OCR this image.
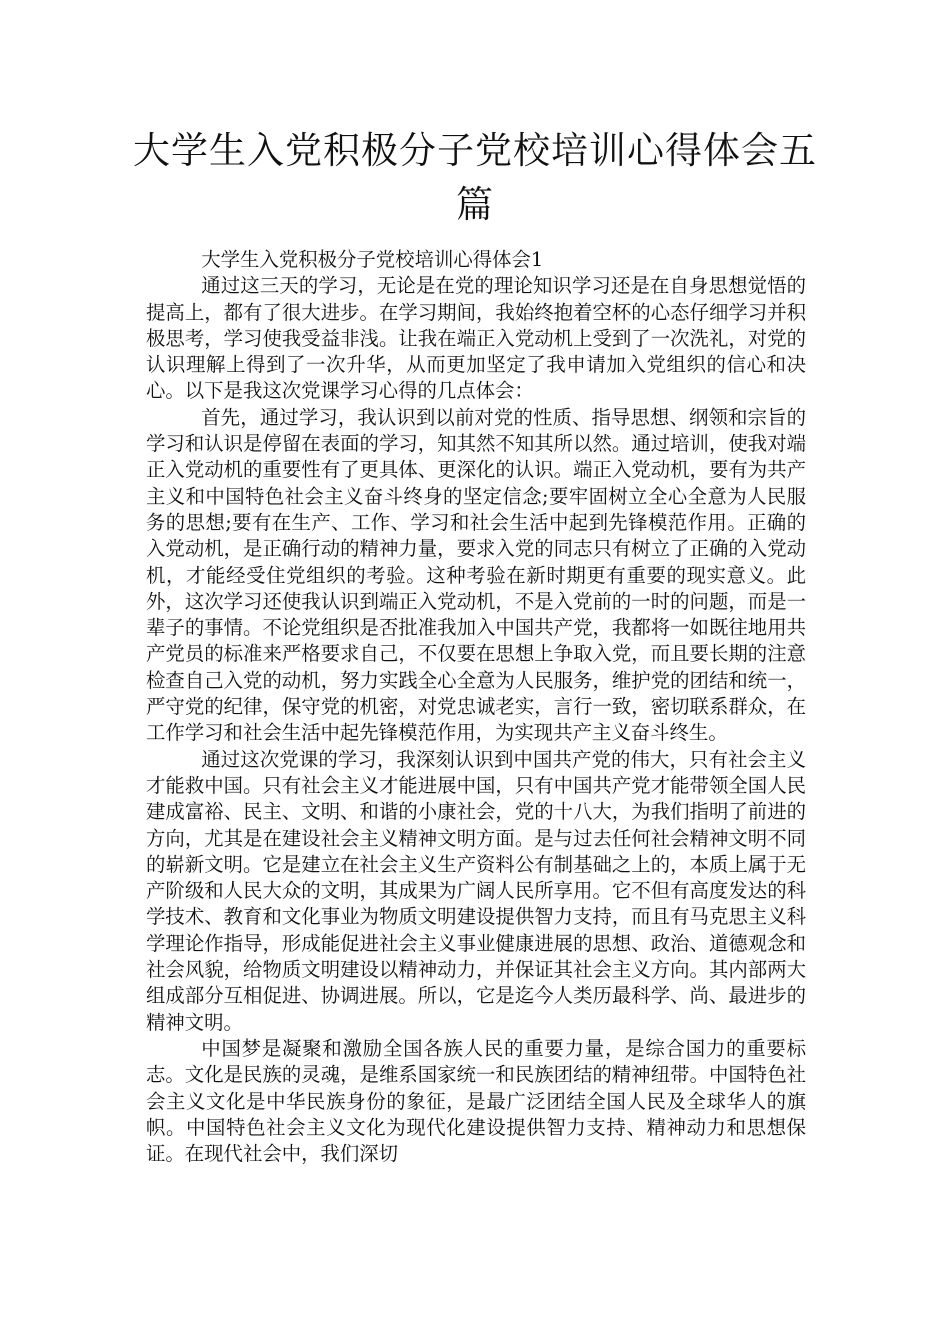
大学生入党积极分子党校培训心得体会五篇

大学生入党积极分子党校培训心得体会1

通过这三天的学习，无论是在党的理论知识学习还是在自身思想觉悟的提高上，都有了很大进步。在学习期间，我始终抱着空杯的心态仔细学习并积极思考，学习使我受益非浅。让我在端正入党动机上受到了一次洗礼，对党的认识理解上得到了一次升华，从而更加坚定了我申请加入党组织的信心和决心。以下是我这次党课学习心得的几点体会：

首先，通过学习，我认识到以前对党的性质、指导思想、纲领和宗旨的学习和认识是停留在表面的学习，知其然不知其所以然。通过培训，使我对端正入党动机的重要性有了更具体、更深化的认识。端正入党动机，要有为共产主义和中国特色社会主义奋斗终身的坚定信念;要牢固树立全心全意为人民服务的思想;要有在生产、工作、学习和社会生活中起到先锋模范作用。正确的入党动机，是正确行动的精神力量，要求入党的同志只有树立了正确的入党动机，才能经受住党组织的考验。这种考验在新时期更有重要的现实意义。此外，这次学习还使我认识到端正入党动机，不是入党前的一时的问题，而是一辈子的事情。不论党组织是否批准我加入中国共产党，我都将一如既往地用共产党员的标准来严格要求自己，不仅要在思想上争取入党，而且要长期的注意检查自己入党的动机，努力实践全心全意为人民服务，维护党的团结和统一，严守党的纪律，保守党的机密，对党忠诚老实，言行一致，密切联系群众，在工作学习和社会生活中起先锋模范作用，为实现共产主义奋斗终生。

通过这次党课的学习，我深刻认识到中国共产党的伟大，只有社会主义才能救中国。只有社会主义才能进展中国，只有中国共产党才能带领全国人民建成富裕、民主、文明、和谐的小康社会，党的十八大，为我们指明了前进的方向，尤其是在建设社会主义精神文明方面。是与过去任何社会精神文明不同的崭新文明。它是建立在社会主义生产资料公有制基础之上的，本质上属于无产阶级和人民大众的文明，其成果为广阔人民所享用。它不但有高度发达的科学技术、教育和文化事业为物质文明建设提供智力支持，而且有马克思主义科学理论作指导，形成能促进社会主义事业健康进展的思想、政治、道德观念和社会风貌，给物质文明建设以精神动力，并保证其社会主义方向。其内部两大组成部分互相促进、协调进展。所以，它是迄今人类历最科学、尚、最进步的精神文明。

中国梦是凝聚和激励全国各族人民的重要力量，是综合国力的重要标志。文化是民族的灵魂，是维系国家统一和民族团结的精神纽带。中国特色社会主义文化是中华民族身份的象征，是最广泛团结全国人民及全球华人的旗帜。中国特色社会主义文化为现代化建设提供智力支持、精神动力和思想保证。在现代社会中，我们深切
